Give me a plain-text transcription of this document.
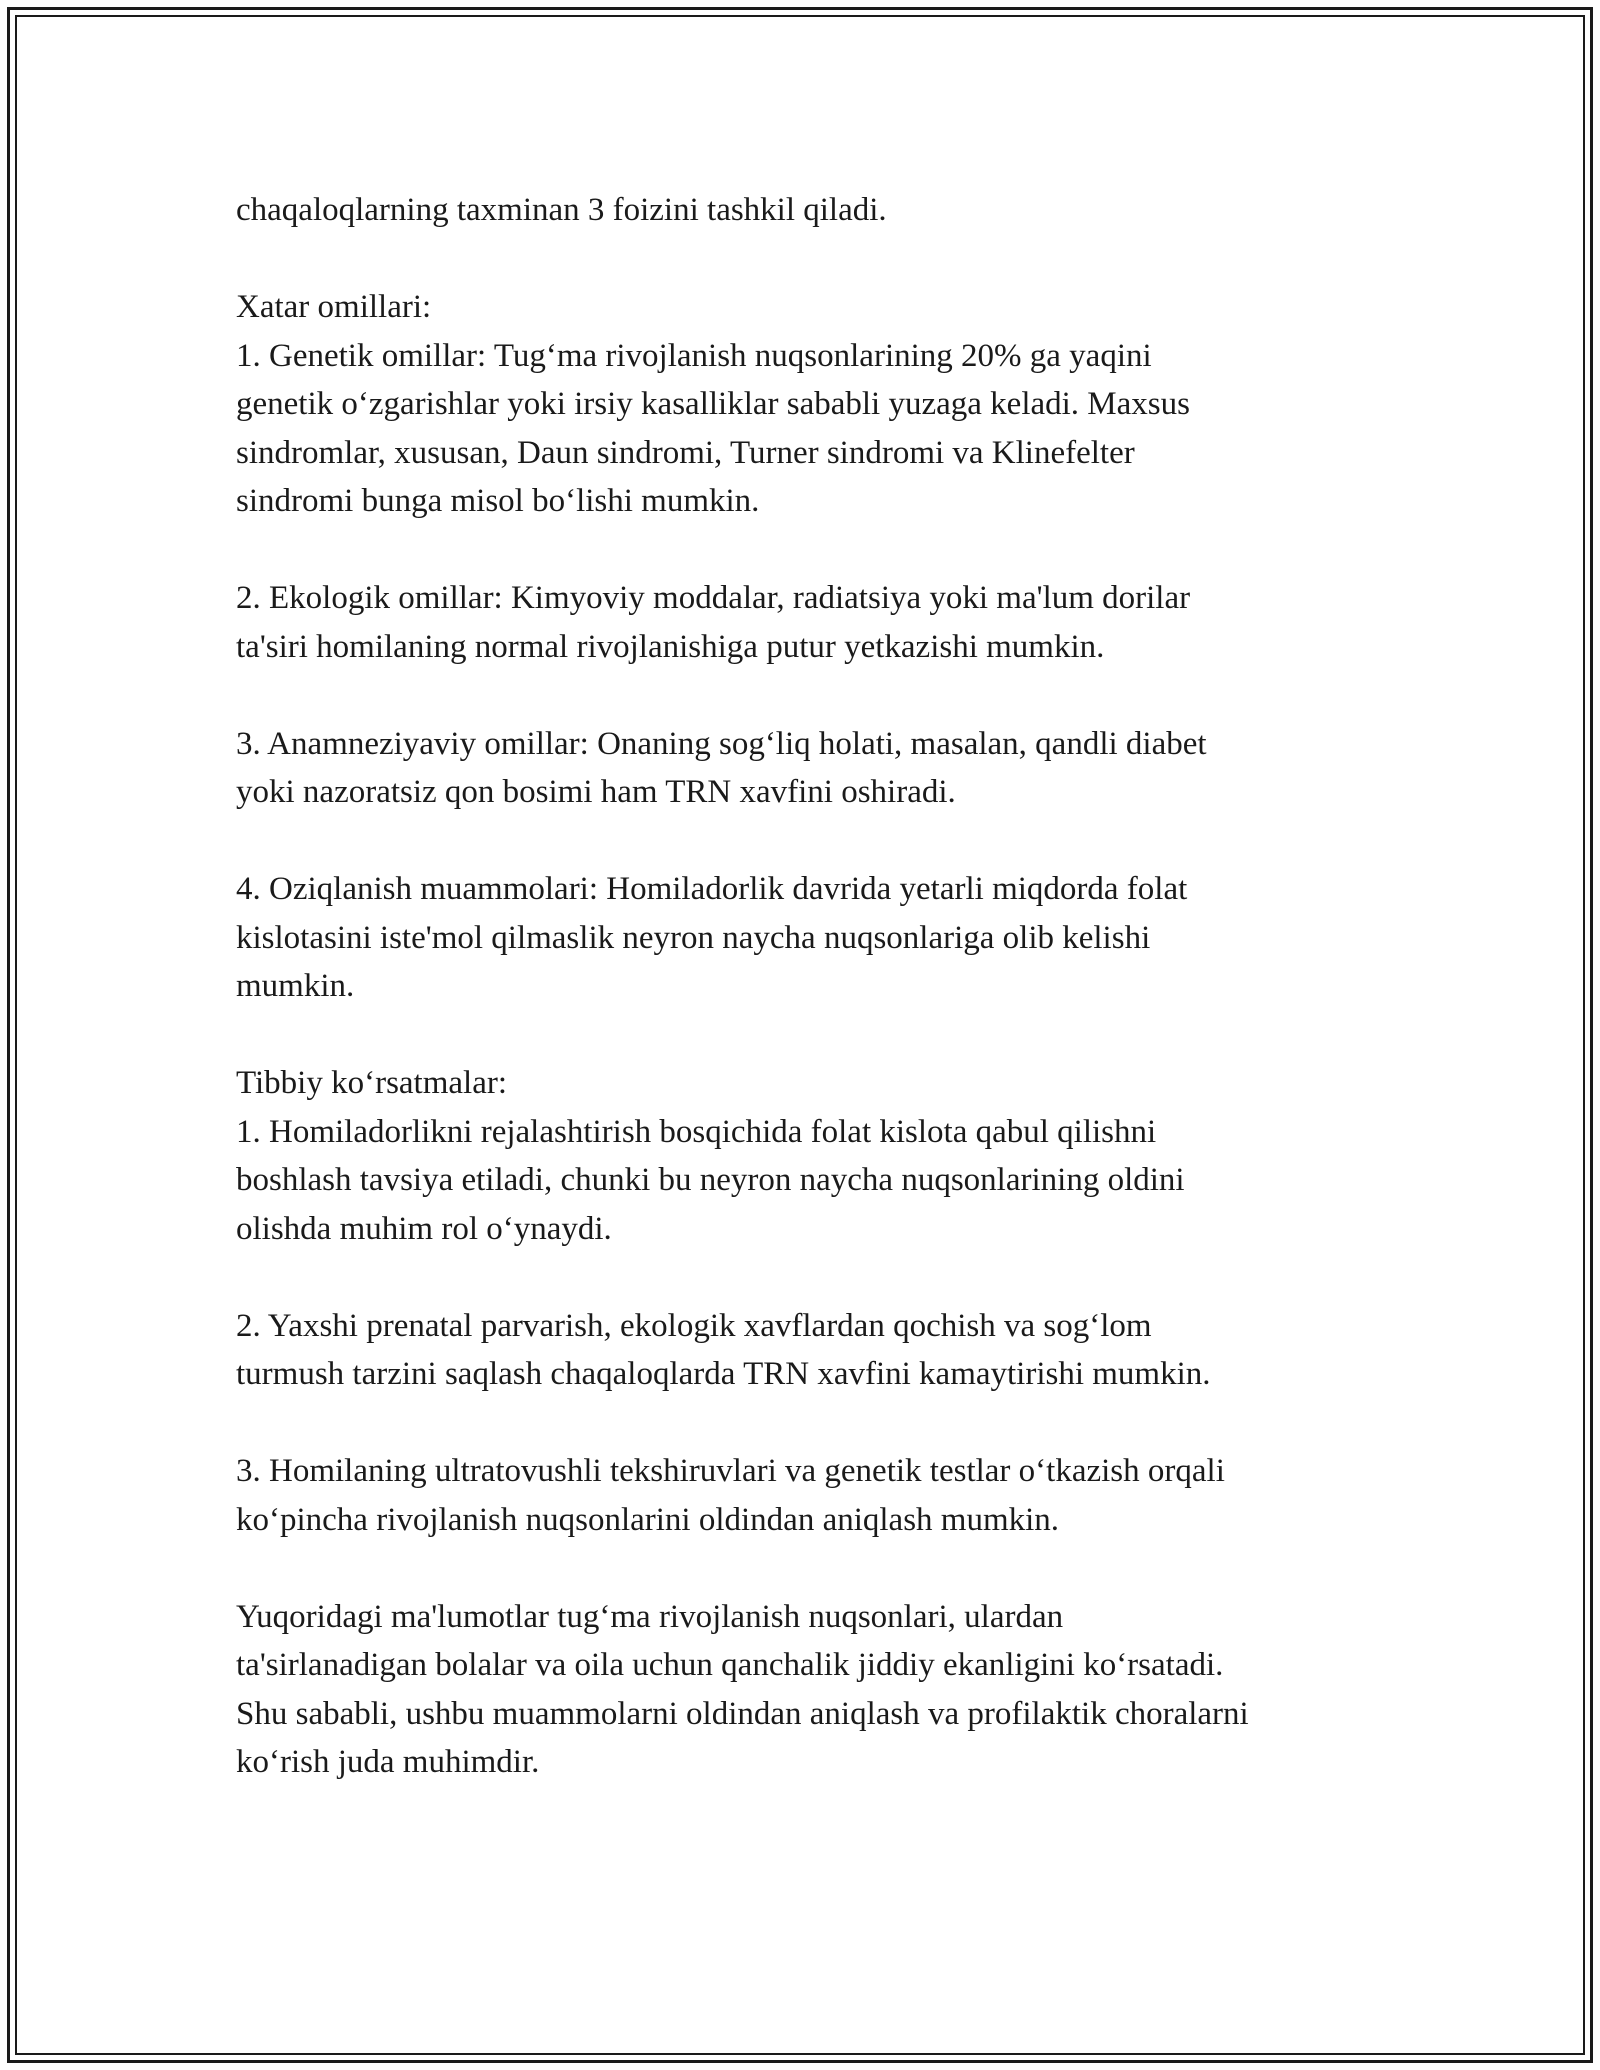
chaqaloqlarning taxminan 3 foizini tashkil qiladi.

Xatar omillari:
1. Genetik omillar: Tug‘ma rivojlanish nuqsonlarining 20% ga yaqini
genetik o‘zgarishlar yoki irsiy kasalliklar sababli yuzaga keladi. Maxsus
sindromlar, xususan, Daun sindromi, Turner sindromi va Klinefelter
sindromi bunga misol bo‘lishi mumkin.

2. Ekologik omillar: Kimyoviy moddalar, radiatsiya yoki ma'lum dorilar
ta'siri homilaning normal rivojlanishiga putur yetkazishi mumkin.

3. Anamneziyaviy omillar: Onaning sog‘liq holati, masalan, qandli diabet
yoki nazoratsiz qon bosimi ham TRN xavfini oshiradi.

4. Oziqlanish muammolari: Homiladorlik davrida yetarli miqdorda folat
kislotasini iste'mol qilmaslik neyron naycha nuqsonlariga olib kelishi
mumkin.

Tibbiy ko‘rsatmalar:
1. Homiladorlikni rejalashtirish bosqichida folat kislota qabul qilishni
boshlash tavsiya etiladi, chunki bu neyron naycha nuqsonlarining oldini
olishda muhim rol o‘ynaydi.

2. Yaxshi prenatal parvarish, ekologik xavflardan qochish va sog‘lom
turmush tarzini saqlash chaqaloqlarda TRN xavfini kamaytirishi mumkin.

3. Homilaning ultratovushli tekshiruvlari va genetik testlar o‘tkazish orqali
ko‘pincha rivojlanish nuqsonlarini oldindan aniqlash mumkin.

Yuqoridagi ma'lumotlar tug‘ma rivojlanish nuqsonlari, ulardan
ta'sirlanadigan bolalar va oila uchun qanchalik jiddiy ekanligini ko‘rsatadi.
Shu sababli, ushbu muammolarni oldindan aniqlash va profilaktik choralarni
ko‘rish juda muhimdir.
